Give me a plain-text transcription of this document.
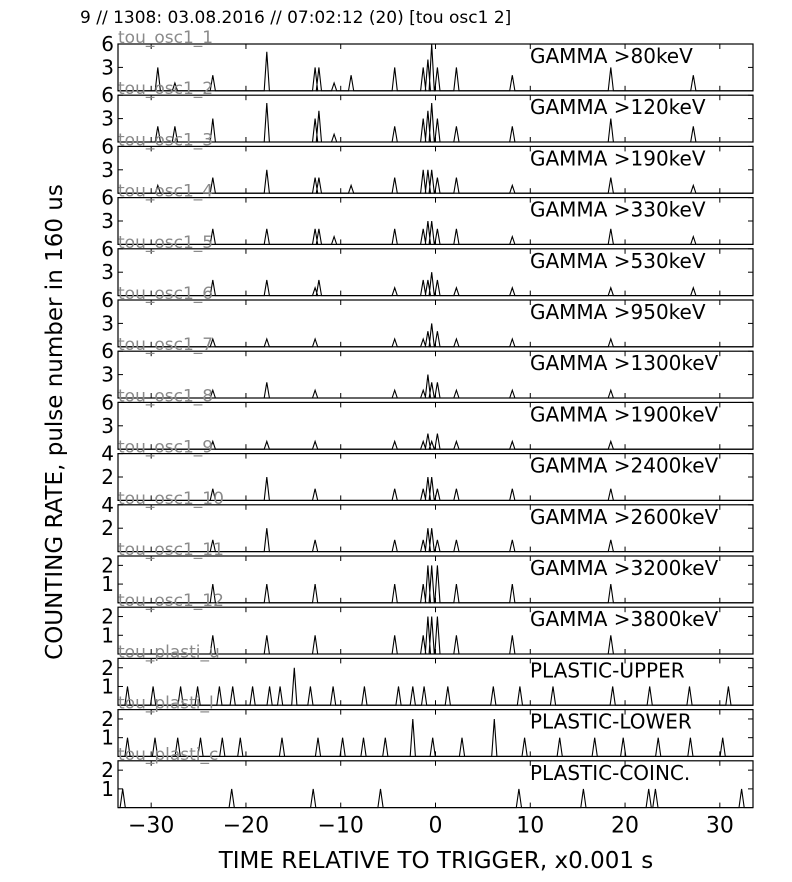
9 // 1308: 03.08.2016 // 07:02:12 (20) [tou osc1 2]
COUNTING RATE, pulse number in 160 us
TIME RELATIVE TO TRIGGER, x0.001 s
3
6	GAMMA >80keV
tou_osc1_1
3
6	GAMMA >120keV
tou_osc1_2
3
6	GAMMA >190keV
tou_osc1_3
3
6	GAMMA >330keV
tou_osc1_4
3
6	GAMMA >530keV
tou_osc1_5
3
6	GAMMA >950keV
tou_osc1_6
3
6	GAMMA >1300keV
tou_osc1_7
3
6	GAMMA >1900keV
tou_osc1_8
2
4	GAMMA >2400keV
tou_osc1_9
2
4	GAMMA >2600keV
tou_osc1_10
1
2	GAMMA >3200keV
tou_osc1_11
1
2	GAMMA >3800keV
tou_osc1_12
1
2	PLASTIC-UPPER
tou_plasti_u
1
2	PLASTIC-LOWER
tou_plasti_l
1
2	PLASTIC-COINC.
tou_plasti_c
−30 −20 −10	0	10	20	30
